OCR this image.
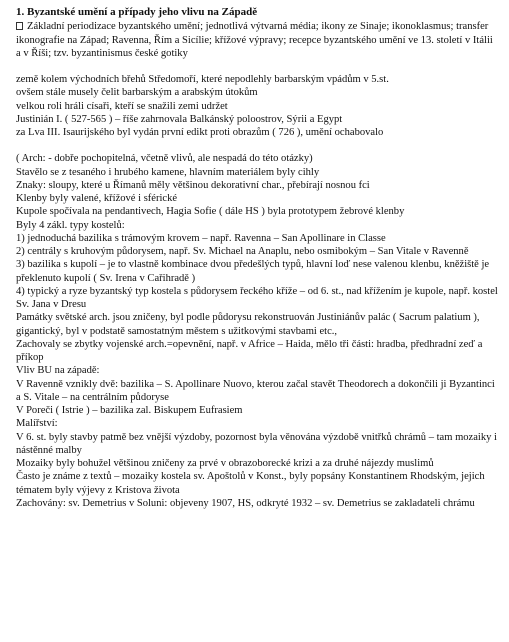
1. Byzantské umění a případy jeho vlivu na Západě
Základní periodizace byzantského umění; jednotlivá výtvarná média; ikony ze Sinaje; ikonoklasmus; transfer ikonografie na Západ; Ravenna, Řím a Sicílie; křížové výpravy; recepce byzantského umění ve 13. století v Itálii a v Říši; tzv. byzantinismus české gotiky
země kolem východních břehů Středomoří, které nepodlehly barbarským vpádům v 5.st.
ovšem stále musely čelit barbarským a arabským útokům
velkou roli hráli císaři, kteří se snažili zemi udržet
Justinián I. ( 527-565 ) – říše zahrnovala Balkánský poloostrov, Sýrii a Egypt
za Lva III. Isaurijského byl vydán první edikt proti obrazům ( 726 ), umění ochabovalo
( Arch: - dobře pochopitelná, včetně vlivů, ale nespadá do této otázky)
Stavělo se z tesaného i hrubého kamene, hlavním materiálem byly cihly
Znaky: sloupy, které u Římanů měly většinou dekorativní char., přebírají nosnou fci
Klenby byly valené, křížové i sférické
Kupole spočívala na pendantivech, Hagia Sofie ( dále HS ) byla prototypem žebrové klenby
Byly 4 zákl. typy kostelů:
1) jednoduchá bazilika s trámovým krovem – např. Ravenna – San Apollinare in Classe
2) centrály s kruhovým půdorysem, např. Sv. Michael na Anaplu, nebo osmibokým – San Vitale v Ravenně
3) bazilika s kupolí – je to vlastně kombinace dvou předešlých typů, hlavní loď nese valenou klenbu, kněžiště je překlenuto kupolí ( Sv. Irena v Cařihradě )
4) typický a ryze byzantský typ kostela s půdorysem řeckého kříže – od 6. st., nad křížením je kupole, např. kostel Sv. Jana v Dresu
Památky světské arch. jsou zničeny, byl podle půdorysu rekonstruován Justiniánův palác ( Sacrum palatium ), gigantický, byl v podstatě samostatným městem s užitkovými stavbami etc.,
Zachovaly se zbytky vojenské arch.=opevnění, např. v Africe – Haida, mělo tři části: hradba, předhradní zeď a příkop
Vliv BU na západě:
V Ravenně vznikly dvě: bazilika – S. Apollinare Nuovo, kterou začal stavět Theodorech a dokončili ji Byzantinci a S. Vitale – na centrálním půdoryse
V Poreči ( Istrie ) – bazilika zal. Biskupem Eufrasiem
Malířství:
V 6. st. byly stavby patmě bez vnější výzdoby, pozornost byla věnována výzdobě vnitřků chrámů – tam mozaiky i nástěnné malby
Mozaiky byly bohužel většinou zničeny za prvé v obrazoborecké krizi a za druhé nájezdy muslimů
Často je známe z textů – mozaiky kostela sv. Apoštolů v Konst., byly popsány Konstantinem Rhodským, jejich tématem byly výjevy z Kristova života
Zachovány: sv. Demetrius v Soluni: objeveny 1907, HS, odkryté 1932 – sv. Demetrius se zakladateli chrámu
